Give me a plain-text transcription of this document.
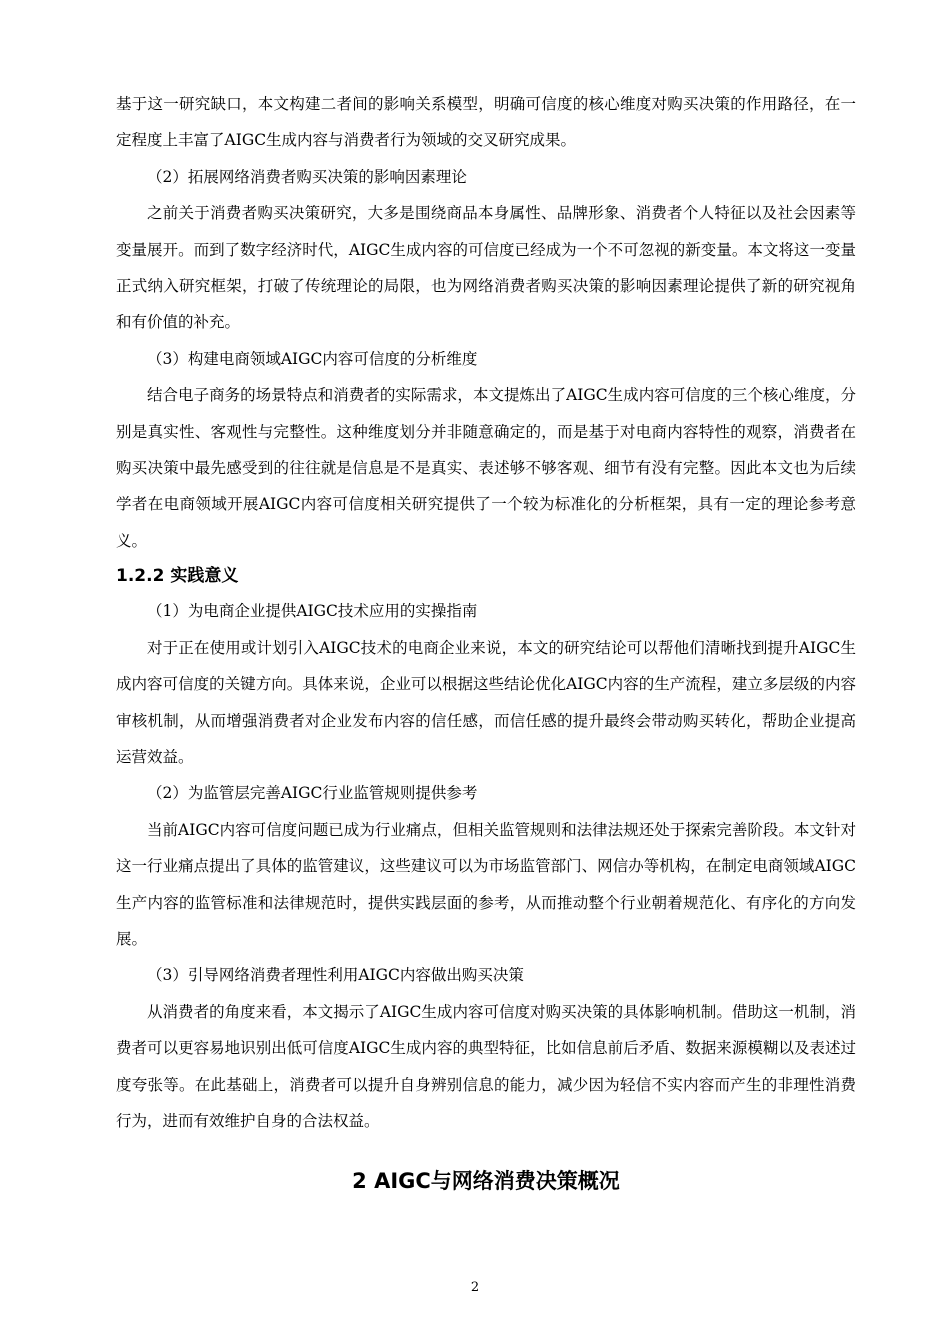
基于这一研究缺口，本文构建二者间的影响关系模型，明确可信度的核心维度对购买决策的作用路径，在一定程度上丰富了AIGC生成内容与消费者行为领域的交叉研究成果。

（2）拓展网络消费者购买决策的影响因素理论

之前关于消费者购买决策研究，大多是围绕商品本身属性、品牌形象、消费者个人特征以及社会因素等变量展开。而到了数字经济时代，AIGC生成内容的可信度已经成为一个不可忽视的新变量。本文将这一变量正式纳入研究框架，打破了传统理论的局限，也为网络消费者购买决策的影响因素理论提供了新的研究视角和有价值的补充。

（3）构建电商领域AIGC内容可信度的分析维度

结合电子商务的场景特点和消费者的实际需求，本文提炼出了AIGC生成内容可信度的三个核心维度，分别是真实性、客观性与完整性。这种维度划分并非随意确定的，而是基于对电商内容特性的观察，消费者在购买决策中最先感受到的往往就是信息是不是真实、表述够不够客观、细节有没有完整。因此本文也为后续学者在电商领域开展AIGC内容可信度相关研究提供了一个较为标准化的分析框架，具有一定的理论参考意义。

1.2.2 实践意义

（1）为电商企业提供AIGC技术应用的实操指南

对于正在使用或计划引入AIGC技术的电商企业来说，本文的研究结论可以帮他们清晰找到提升AIGC生成内容可信度的关键方向。具体来说，企业可以根据这些结论优化AIGC内容的生产流程，建立多层级的内容审核机制，从而增强消费者对企业发布内容的信任感，而信任感的提升最终会带动购买转化，帮助企业提高运营效益。

（2）为监管层完善AIGC行业监管规则提供参考

当前AIGC内容可信度问题已成为行业痛点，但相关监管规则和法律法规还处于探索完善阶段。本文针对这一行业痛点提出了具体的监管建议，这些建议可以为市场监管部门、网信办等机构，在制定电商领域AIGC生产内容的监管标准和法律规范时，提供实践层面的参考，从而推动整个行业朝着规范化、有序化的方向发展。

（3）引导网络消费者理性利用AIGC内容做出购买决策

从消费者的角度来看，本文揭示了AIGC生成内容可信度对购买决策的具体影响机制。借助这一机制，消费者可以更容易地识别出低可信度AIGC生成内容的典型特征，比如信息前后矛盾、数据来源模糊以及表述过度夸张等。在此基础上，消费者可以提升自身辨别信息的能力，减少因为轻信不实内容而产生的非理性消费行为，进而有效维护自身的合法权益。

2 AIGC与网络消费决策概况
2
